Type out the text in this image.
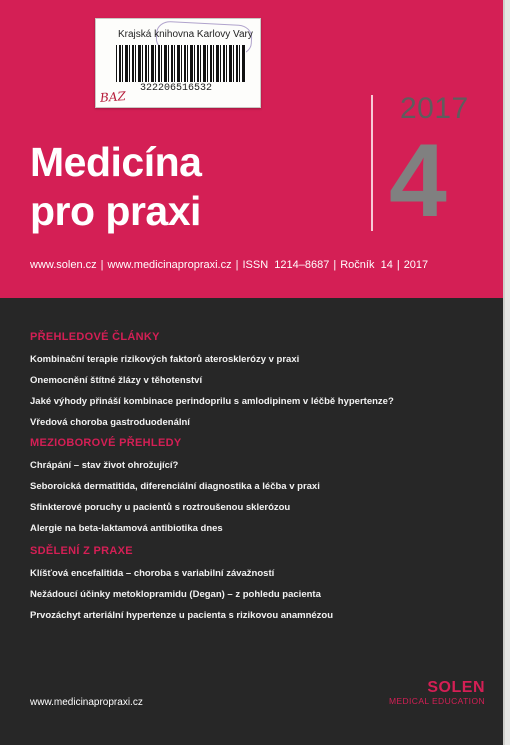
Krajská knihovna Karlovy Vary
322206516532
BAZ
Medicína
pro praxi
2017
4
www.solen.cz | www.medicinapropraxi.cz | ISSN 1214–8687 | Ročník 14 | 2017
PŘEHLEDOVÉ ČLÁNKY
Kombinační terapie rizikových faktorů aterosklerózy v praxi
Onemocnění štítné žlázy v těhotenství
Jaké výhody přináší kombinace perindoprilu s amlodipinem v léčbě hypertenze?
Vředová choroba gastroduodenální
MEZIOBOROVÉ PŘEHLEDY
Chrápání – stav život ohrožující?
Seboroická dermatitida, diferenciální diagnostika a léčba v praxi
Sfinkterové poruchy u pacientů s roztroušenou sklerózou
Alergie na beta-laktamová antibiotika dnes
SDĚLENÍ Z PRAXE
Klíšťová encefalitida – choroba s variabilní závažností
Nežádoucí účinky metoklopramidu (Degan) – z pohledu pacienta
Prvozáchyt arteriální hypertenze u pacienta s rizikovou anamnézou
www.medicinapropraxi.cz
SOLEN
MEDICAL EDUCATION
